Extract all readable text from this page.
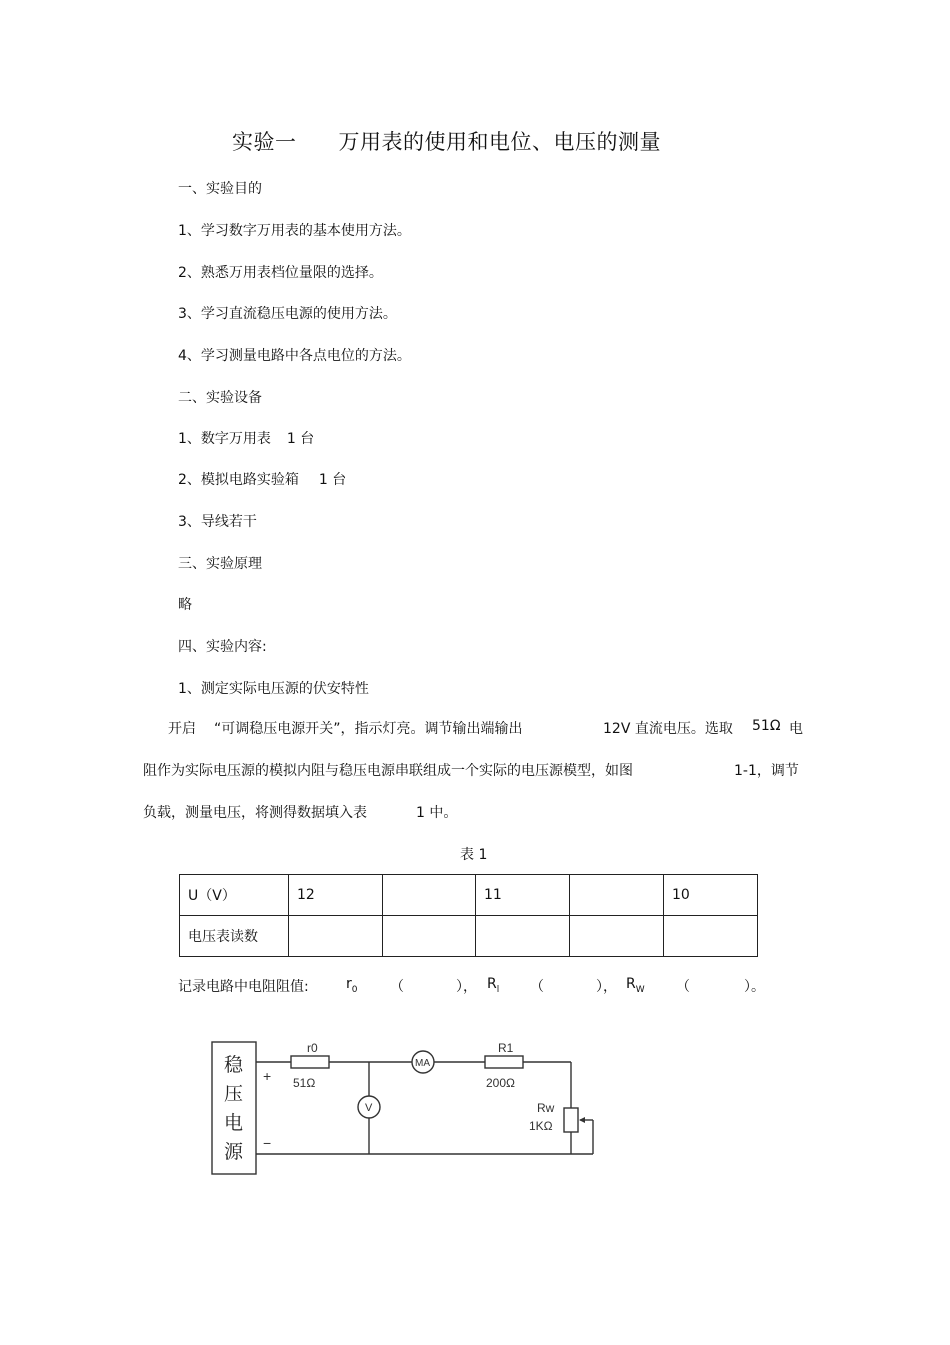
实验一 万用表的使用和电位、电压的测量
一、实验目的
1、学习数字万用表的基本使用方法。
2、熟悉万用表档位量限的选择。
3、学习直流稳压电源的使用方法。
4、学习测量电路中各点电位的方法。
二、实验设备
1、数字万用表 1 台
2、模拟电路实验箱 1 台
3、导线若干
三、实验原理
略
四、实验内容:
1、测定实际电压源的伏安特性
开启 “可调稳压电源开关”，指示灯亮。调节输出端输出	12V 直流电压。选取 51Ω 电
阻作为实际电压源的模拟内阻与稳压电源串联组成一个实际的电压源模型，如图	1-1，调节
负载，测量电压，将测得数据填入表	1 中。
表 1
U（V）	12		11		10
电压表读数					
记录电路中电阻阻值:	$r_0$ （	）， $R_l$ （	）， $R_W$ （	）。
稳
压
电
源
+
−
r0
51Ω
MA
R1
200Ω
V	Rw
1KΩ
